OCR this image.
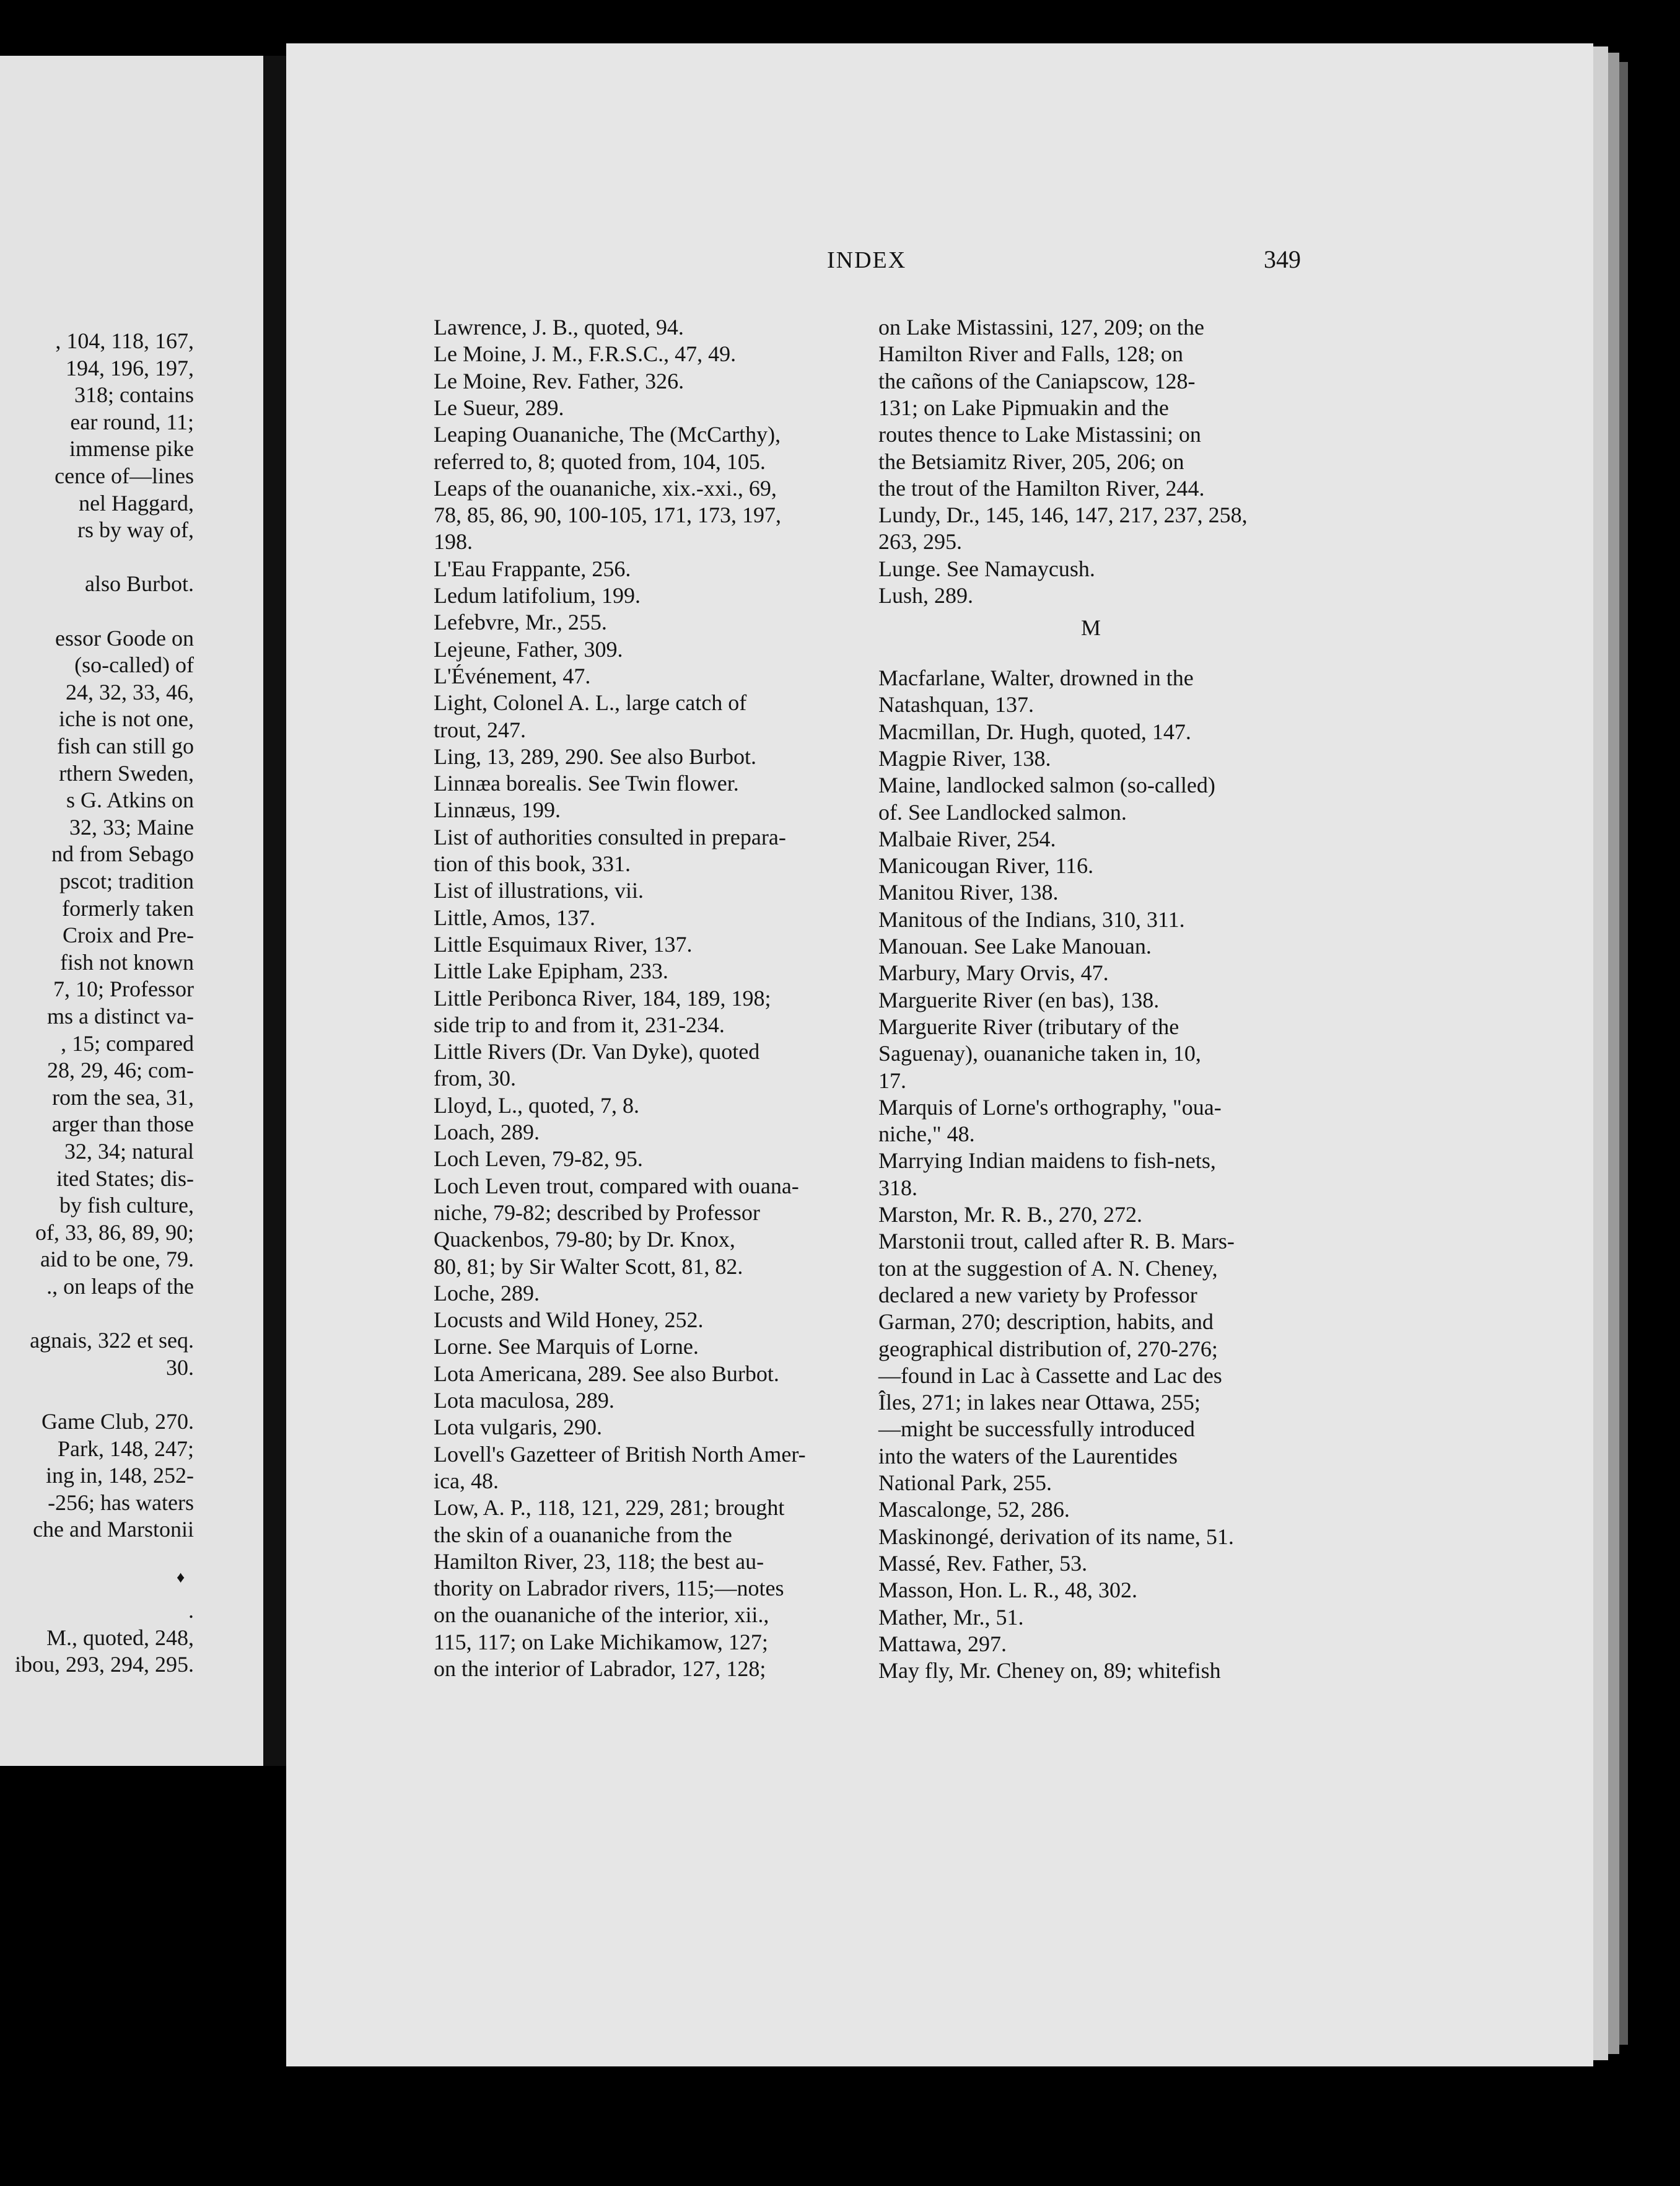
, 104, 118, 167,
194, 196, 197,
318; contains
ear round, 11;
immense pike
cence of—lines
nel Haggard,
rs by way of,
also Burbot.
essor Goode on
(so-called) of
24, 32, 33, 46,
iche is not one,
fish can still go
rthern Sweden,
s G. Atkins on
32, 33; Maine
nd from Sebago
pscot; tradition
formerly taken
Croix and Pre-
fish not known
7, 10; Professor
ms a distinct va-
, 15; compared
28, 29, 46; com-
rom the sea, 31,
arger than those
32, 34; natural
ited States; dis-
by fish culture,
of, 33, 86, 89, 90;
aid to be one, 79.
., on leaps of the
agnais, 322 et seq.
30.
Game Club, 270.
Park, 148, 247;
ing in, 148, 252-
-256; has waters
che and Marstonii
.
M., quoted, 248,
ibou, 293, 294, 295.
INDEX	349
M
♦
Lawrence, J. B., quoted, 94.
Le Moine, J. M., F.R.S.C., 47, 49.
Le Moine, Rev. Father, 326.
Le Sueur, 289.
Leaping Ouananiche, The (McCarthy),
referred to, 8; quoted from, 104, 105.
Leaps of the ouananiche, xix.-xxi., 69,
78, 85, 86, 90, 100-105, 171, 173, 197,
198.
L'Eau Frappante, 256.
Ledum latifolium, 199.
Lefebvre, Mr., 255.
Lejeune, Father, 309.
L'Événement, 47.
Light, Colonel A. L., large catch of
trout, 247.
Ling, 13, 289, 290. See also Burbot.
Linnæa borealis. See Twin flower.
Linnæus, 199.
List of authorities consulted in prepara-
tion of this book, 331.
List of illustrations, vii.
Little, Amos, 137.
Little Esquimaux River, 137.
Little Lake Epipham, 233.
Little Peribonca River, 184, 189, 198;
side trip to and from it, 231-234.
Little Rivers (Dr. Van Dyke), quoted
from, 30.
Lloyd, L., quoted, 7, 8.
Loach, 289.
Loch Leven, 79-82, 95.
Loch Leven trout, compared with ouana-
niche, 79-82; described by Professor
Quackenbos, 79-80; by Dr. Knox,
80, 81; by Sir Walter Scott, 81, 82.
Loche, 289.
Locusts and Wild Honey, 252.
Lorne. See Marquis of Lorne.
Lota Americana, 289. See also Burbot.
Lota maculosa, 289.
Lota vulgaris, 290.
Lovell's Gazetteer of British North Amer-
ica, 48.
Low, A. P., 118, 121, 229, 281; brought
the skin of a ouananiche from the
Hamilton River, 23, 118; the best au-
thority on Labrador rivers, 115;—notes
on the ouananiche of the interior, xii.,
115, 117; on Lake Michikamow, 127;
on the interior of Labrador, 127, 128;
on Lake Mistassini, 127, 209; on the
Hamilton River and Falls, 128; on
the cañons of the Caniapscow, 128-
131; on Lake Pipmuakin and the
routes thence to Lake Mistassini; on
the Betsiamitz River, 205, 206; on
the trout of the Hamilton River, 244.
Lundy, Dr., 145, 146, 147, 217, 237, 258,
263, 295.
Lunge. See Namaycush.
Lush, 289.
Macfarlane, Walter, drowned in the
Natashquan, 137.
Macmillan, Dr. Hugh, quoted, 147.
Magpie River, 138.
Maine, landlocked salmon (so-called)
of. See Landlocked salmon.
Malbaie River, 254.
Manicougan River, 116.
Manitou River, 138.
Manitous of the Indians, 310, 311.
Manouan. See Lake Manouan.
Marbury, Mary Orvis, 47.
Marguerite River (en bas), 138.
Marguerite River (tributary of the
Saguenay), ouananiche taken in, 10,
17.
Marquis of Lorne's orthography, "oua-
niche," 48.
Marrying Indian maidens to fish-nets,
318.
Marston, Mr. R. B., 270, 272.
Marstonii trout, called after R. B. Mars-
ton at the suggestion of A. N. Cheney,
declared a new variety by Professor
Garman, 270; description, habits, and
geographical distribution of, 270-276;
—found in Lac à Cassette and Lac des
Îles, 271; in lakes near Ottawa, 255;
—might be successfully introduced
into the waters of the Laurentides
National Park, 255.
Mascalonge, 52, 286.
Maskinongé, derivation of its name, 51.
Massé, Rev. Father, 53.
Masson, Hon. L. R., 48, 302.
Mather, Mr., 51.
Mattawa, 297.
May fly, Mr. Cheney on, 89; whitefish
